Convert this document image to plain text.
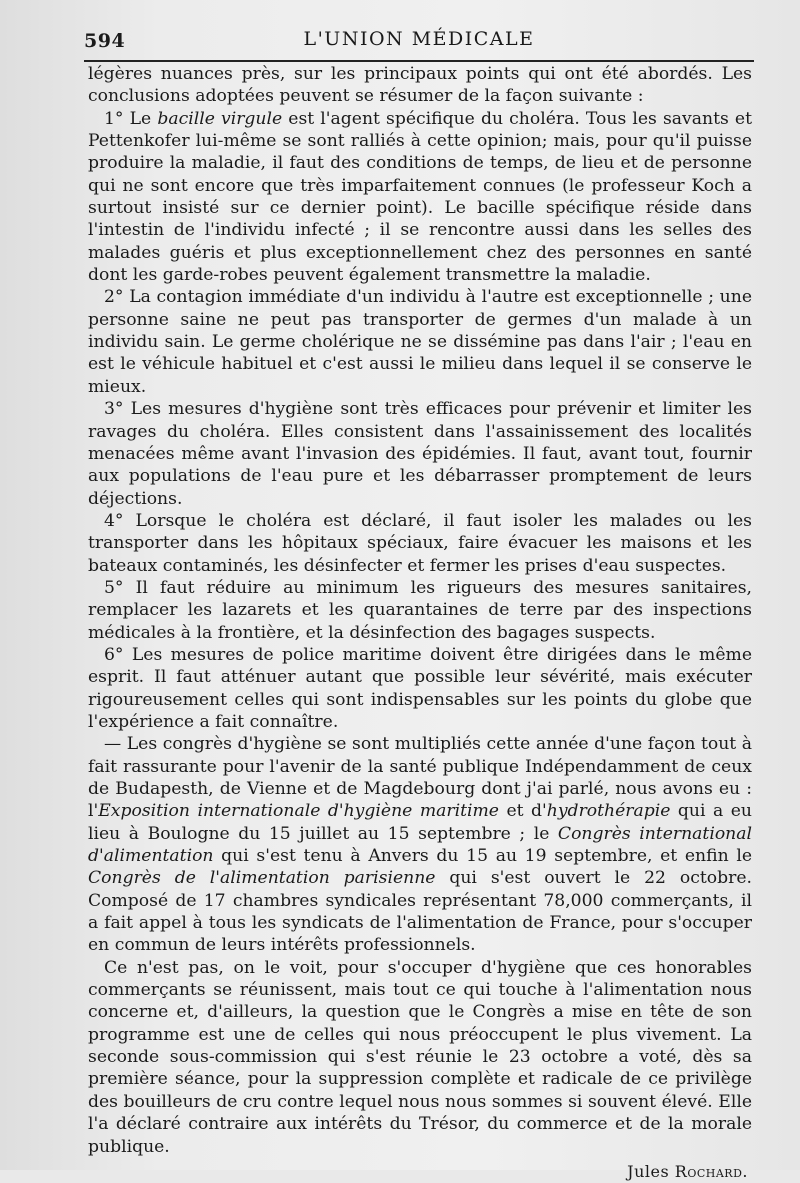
594	L'UNION MÉDICALE

légères nuances près, sur les principaux points qui ont été abordés. Les conclusions adoptées peuvent se résumer de la façon suivante :

1° Le bacille virgule est l'agent spécifique du choléra. Tous les savants et Pettenkofer lui-même se sont ralliés à cette opinion; mais, pour qu'il puisse produire la maladie, il faut des conditions de temps, de lieu et de personne qui ne sont encore que très imparfaitement connues (le professeur Koch a surtout insisté sur ce dernier point). Le bacille spécifique réside dans l'intestin de l'individu infecté ; il se rencontre aussi dans les selles des malades guéris et plus exceptionnellement chez des personnes en santé dont les garde-robes peuvent également transmettre la maladie.

2° La contagion immédiate d'un individu à l'autre est exceptionnelle ; une personne saine ne peut pas transporter de germes d'un malade à un individu sain. Le germe cholérique ne se dissémine pas dans l'air ; l'eau en est le véhicule habituel et c'est aussi le milieu dans lequel il se conserve le mieux.

3° Les mesures d'hygiène sont très efficaces pour prévenir et limiter les ravages du choléra. Elles consistent dans l'assainissement des localités menacées même avant l'invasion des épidémies. Il faut, avant tout, fournir aux populations de l'eau pure et les débarrasser promptement de leurs déjections.

4° Lorsque le choléra est déclaré, il faut isoler les malades ou les transporter dans les hôpitaux spéciaux, faire évacuer les maisons et les bateaux contaminés, les désinfecter et fermer les prises d'eau suspectes.

5° Il faut réduire au minimum les rigueurs des mesures sanitaires, remplacer les lazarets et les quarantaines de terre par des inspections médicales à la frontière, et la désinfection des bagages suspects.

6° Les mesures de police maritime doivent être dirigées dans le même esprit. Il faut atténuer autant que possible leur sévérité, mais exécuter rigoureusement celles qui sont indispensables sur les points du globe que l'expérience a fait connaître.

— Les congrès d'hygiène se sont multipliés cette année d'une façon tout à fait rassurante pour l'avenir de la santé publique Indépendamment de ceux de Budapesth, de Vienne et de Magdebourg dont j'ai parlé, nous avons eu : l'Exposition internationale d'hygiène maritime et d'hydrothérapie qui a eu lieu à Boulogne du 15 juillet au 15 septembre ; le Congrès international d'alimentation qui s'est tenu à Anvers du 15 au 19 septembre, et enfin le Congrès de l'alimentation parisienne qui s'est ouvert le 22 octobre. Composé de 17 chambres syndicales représentant 78,000 commerçants, il a fait appel à tous les syndicats de l'alimentation de France, pour s'occuper en commun de leurs intérêts professionnels.

Ce n'est pas, on le voit, pour s'occuper d'hygiène que ces honorables commerçants se réunissent, mais tout ce qui touche à l'alimentation nous concerne et, d'ailleurs, la question que le Congrès a mise en tête de son programme est une de celles qui nous préoccupent le plus vivement. La seconde sous-commission qui s'est réunie le 23 octobre a voté, dès sa première séance, pour la suppression complète et radicale de ce privilège des bouilleurs de cru contre lequel nous nous sommes si souvent élevé. Elle l'a déclaré contraire aux intérêts du Trésor, du commerce et de la morale publique.

Jules Rochard.
